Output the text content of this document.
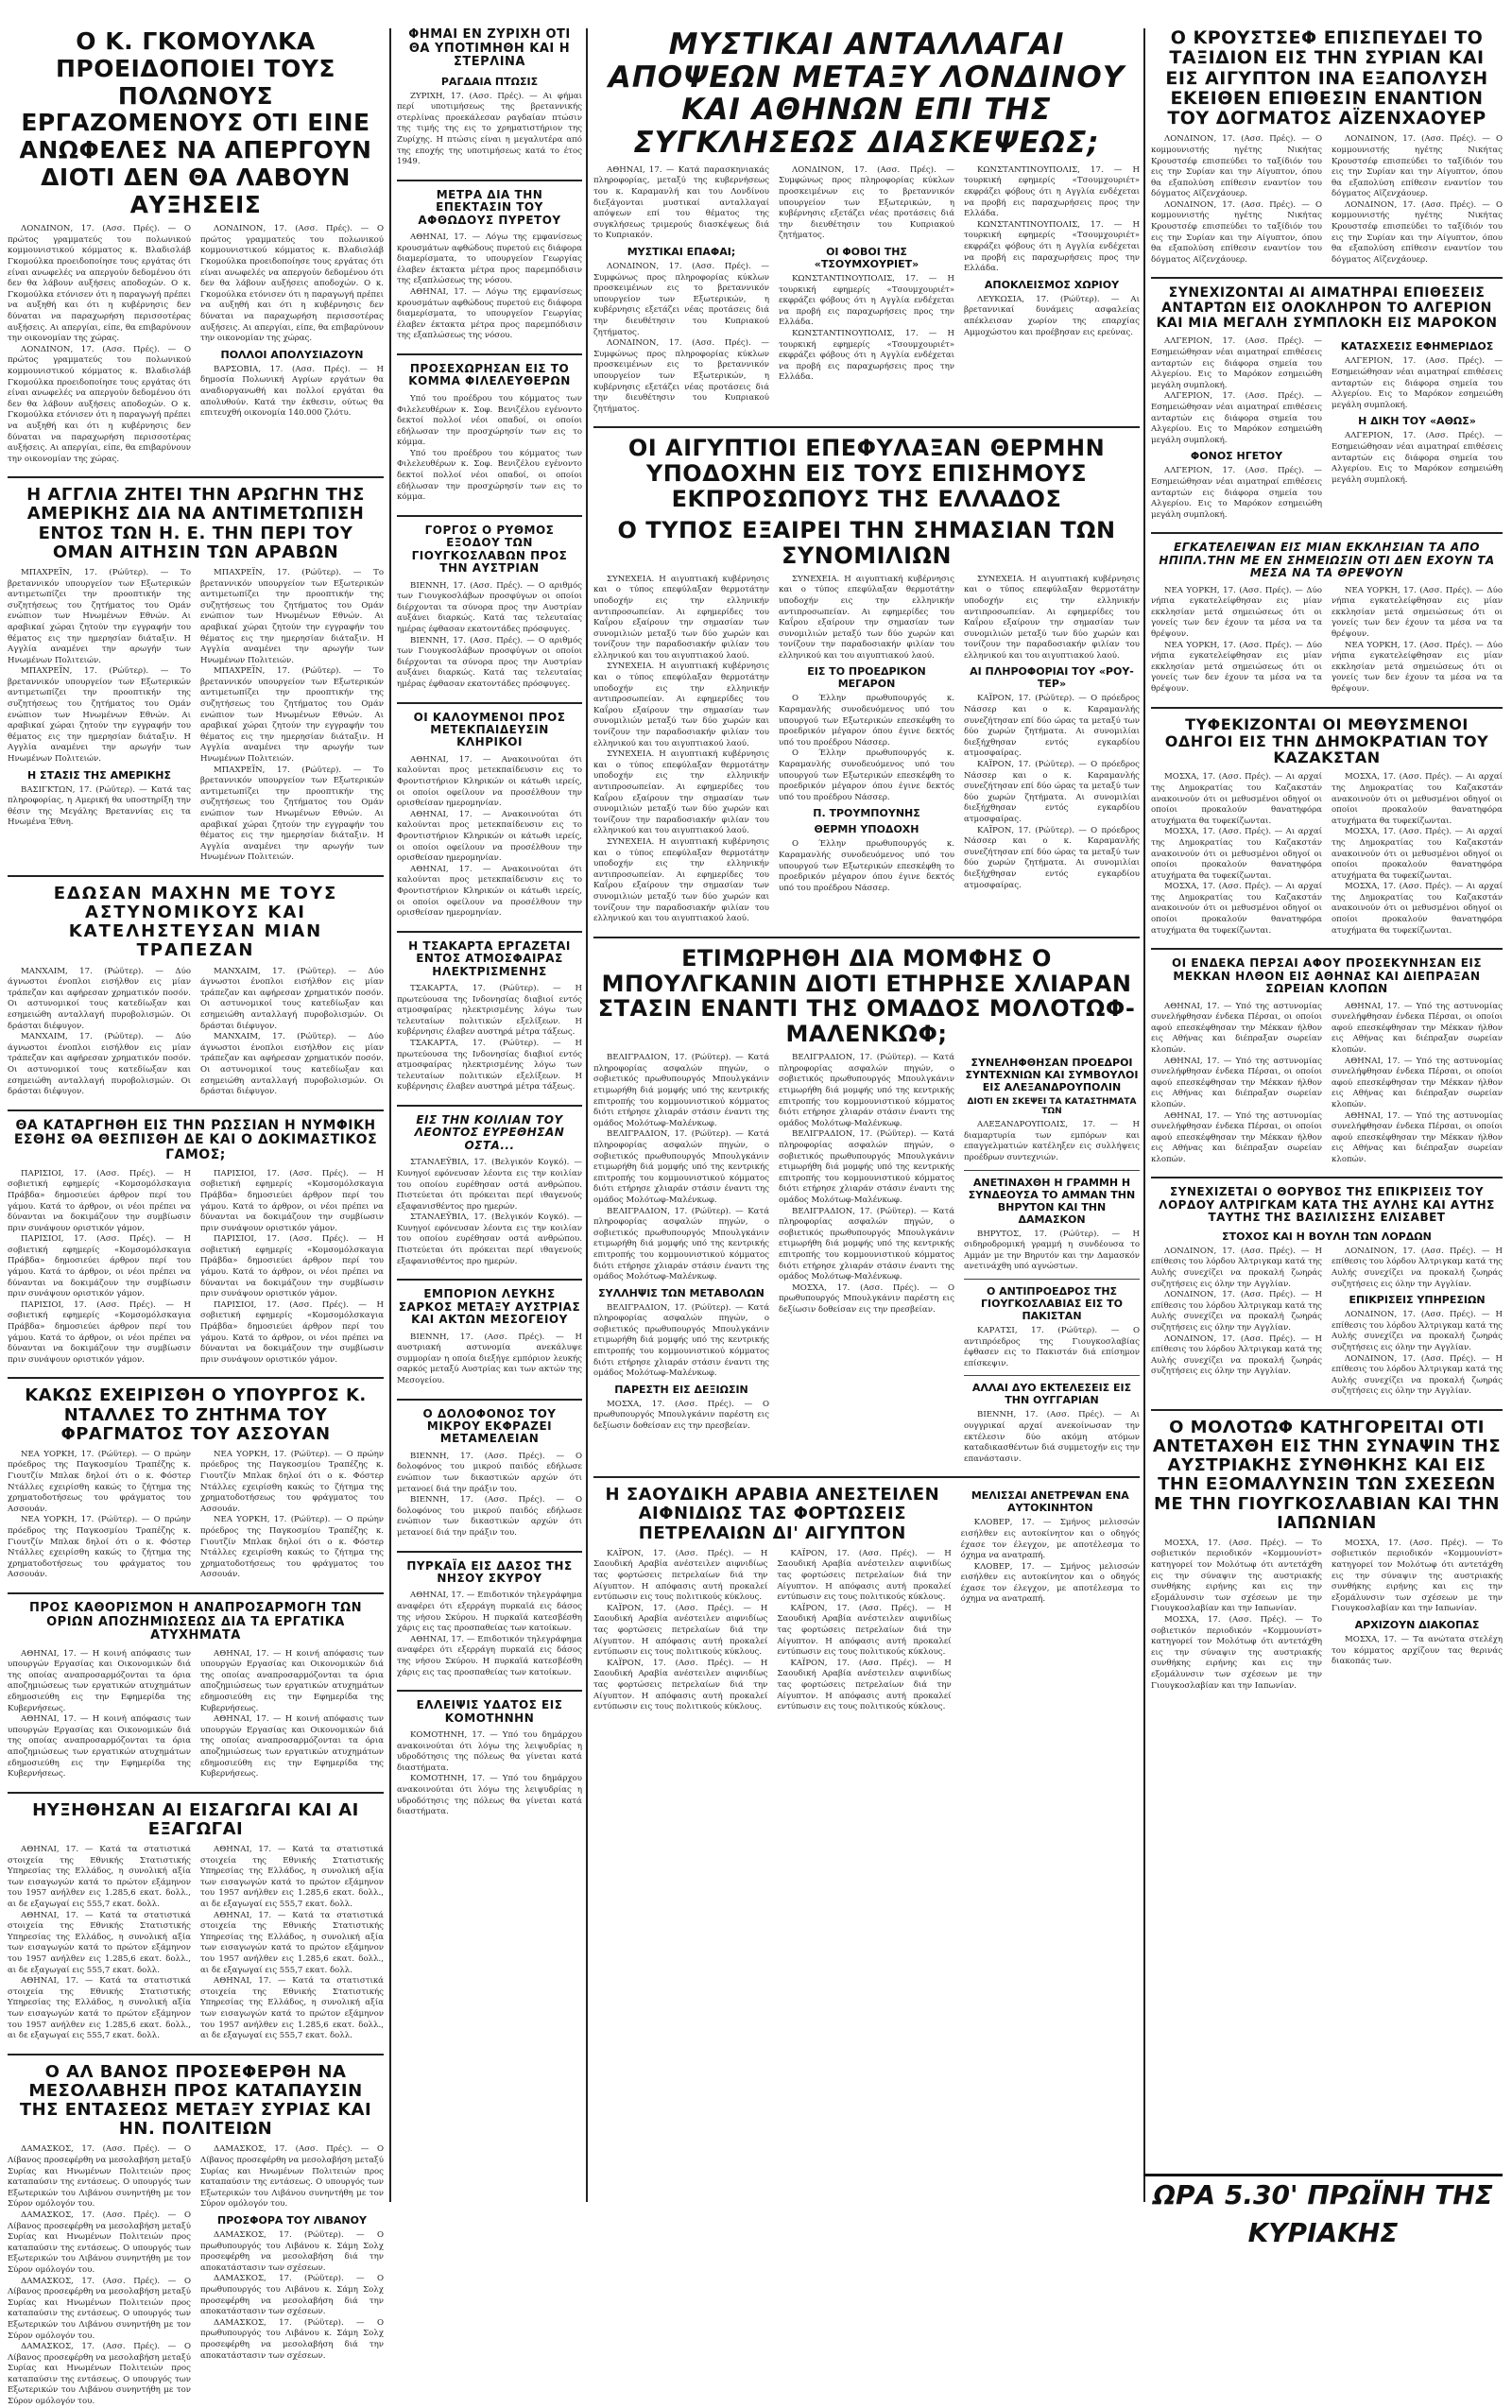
Ο Κ. ΓΚΟΜΟΥΛΚΑ ΠΡΟΕΙΔΟΠΟΙΕΙ ΤΟΥΣ ΠΟΛΩΝΟΥΣ ΕΡΓΑΖΟΜΕΝΟΥΣ ΟΤΙ ΕΙΝΕ ΑΝΩΦΕΛΕΣ ΝΑ ΑΠΕΡΓΟΥΝ ΔΙΟΤΙ ΔΕΝ ΘΑ ΛΑΒΟΥΝ ΑΥΞΗΣΕΙΣ

ΛΟΝΔΙΝΟΝ, 17. (Ασσ. Πρές). — Ο πρώτος γραμματεύς του πολωνικού κομμουνιστικού κόμματος κ. Βλαδισλάβ Γκομούλκα προειδοποίησε τους εργάτας ότι είναι ανωφελές να απεργούν δεδομένου ότι δεν θα λάβουν αυξήσεις αποδοχών. Ο κ. Γκομούλκα ετόνισεν ότι η παραγωγή πρέπει να αυξηθή και ότι η κυβέρνησις δεν δύναται να παραχωρήση περισσοτέρας αυξήσεις. Αι απεργίαι, είπε, θα επιβαρύνουν την οικονομίαν της χώρας.

ΛΟΝΔΙΝΟΝ, 17. (Ασσ. Πρές). — Ο πρώτος γραμματεύς του πολωνικού κομμουνιστικού κόμματος κ. Βλαδισλάβ Γκομούλκα προειδοποίησε τους εργάτας ότι είναι ανωφελές να απεργούν δεδομένου ότι δεν θα λάβουν αυξήσεις αποδοχών. Ο κ. Γκομούλκα ετόνισεν ότι η παραγωγή πρέπει να αυξηθή και ότι η κυβέρνησις δεν δύναται να παραχωρήση περισσοτέρας αυξήσεις. Αι απεργίαι, είπε, θα επιβαρύνουν την οικονομίαν της χώρας.

ΛΟΝΔΙΝΟΝ, 17. (Ασσ. Πρές). — Ο πρώτος γραμματεύς του πολωνικού κομμουνιστικού κόμματος κ. Βλαδισλάβ Γκομούλκα προειδοποίησε τους εργάτας ότι είναι ανωφελές να απεργούν δεδομένου ότι δεν θα λάβουν αυξήσεις αποδοχών. Ο κ. Γκομούλκα ετόνισεν ότι η παραγωγή πρέπει να αυξηθή και ότι η κυβέρνησις δεν δύναται να παραχωρήση περισσοτέρας αυξήσεις. Αι απεργίαι, είπε, θα επιβαρύνουν την οικονομίαν της χώρας.

ΠΟΛΛΟΙ ΑΠΟΛΥΣΙΑΖΟΥΝ

ΒΑΡΣΟΒΙΑ, 17. (Ασσ. Πρές). — Η δημοσία Πολωνική Αγρίων εργάτων θα αναδιοργανωθή και πολλοί εργάται θα απολυθούν. Κατά την έκθεσιν, ούτως θα επιτευχθή οικονομία 140.000 ζλότυ.

Η ΑΓΓΛΙΑ ΖΗΤΕΙ ΤΗΝ ΑΡΩΓΗΝ ΤΗΣ ΑΜΕΡΙΚΗΣ ΔΙΑ ΝΑ ΑΝΤΙΜΕΤΩΠΙΣΗ ΕΝΤΟΣ ΤΩΝ Η. Ε. ΤΗΝ ΠΕΡΙ ΤΟΥ ΟΜΑΝ ΑΙΤΗΣΙΝ ΤΩΝ ΑΡΑΒΩΝ

ΜΠΑΧΡΕΪΝ, 17. (Ρώϋτερ). — Το βρεταννικόν υπουργείον των Εξωτερικών αντιμετωπίζει την προοπτικήν της συζητήσεως του ζητήματος του Ομάν ενώπιον των Ηνωμένων Εθνών. Αι αραβικαί χώραι ζητούν την εγγραφήν του θέματος εις την ημερησίαν διάταξιν. Η Αγγλία αναμένει την αρωγήν των Ηνωμένων Πολιτειών.

ΜΠΑΧΡΕΪΝ, 17. (Ρώϋτερ). — Το βρεταννικόν υπουργείον των Εξωτερικών αντιμετωπίζει την προοπτικήν της συζητήσεως του ζητήματος του Ομάν ενώπιον των Ηνωμένων Εθνών. Αι αραβικαί χώραι ζητούν την εγγραφήν του θέματος εις την ημερησίαν διάταξιν. Η Αγγλία αναμένει την αρωγήν των Ηνωμένων Πολιτειών.

Η ΣΤΑΣΙΣ ΤΗΣ ΑΜΕΡΙΚΗΣ

ΒΑΣΙΓΚΤΩΝ, 17. (Ρώϋτερ). — Κατά τας πληροφορίας, η Αμερική θα υποστηρίξη την θέσιν της Μεγάλης Βρεταννίας εις τα Ηνωμένα Έθνη.

ΜΠΑΧΡΕΪΝ, 17. (Ρώϋτερ). — Το βρεταννικόν υπουργείον των Εξωτερικών αντιμετωπίζει την προοπτικήν της συζητήσεως του ζητήματος του Ομάν ενώπιον των Ηνωμένων Εθνών. Αι αραβικαί χώραι ζητούν την εγγραφήν του θέματος εις την ημερησίαν διάταξιν. Η Αγγλία αναμένει την αρωγήν των Ηνωμένων Πολιτειών.

ΜΠΑΧΡΕΪΝ, 17. (Ρώϋτερ). — Το βρεταννικόν υπουργείον των Εξωτερικών αντιμετωπίζει την προοπτικήν της συζητήσεως του ζητήματος του Ομάν ενώπιον των Ηνωμένων Εθνών. Αι αραβικαί χώραι ζητούν την εγγραφήν του θέματος εις την ημερησίαν διάταξιν. Η Αγγλία αναμένει την αρωγήν των Ηνωμένων Πολιτειών.

ΜΠΑΧΡΕΪΝ, 17. (Ρώϋτερ). — Το βρεταννικόν υπουργείον των Εξωτερικών αντιμετωπίζει την προοπτικήν της συζητήσεως του ζητήματος του Ομάν ενώπιον των Ηνωμένων Εθνών. Αι αραβικαί χώραι ζητούν την εγγραφήν του θέματος εις την ημερησίαν διάταξιν. Η Αγγλία αναμένει την αρωγήν των Ηνωμένων Πολιτειών.

ΕΔΩΣΑΝ ΜΑΧΗΝ ΜΕ ΤΟΥΣ ΑΣΤΥΝΟΜΙΚΟΥΣ ΚΑΙ ΚΑΤΕΛΗΣΤΕΥΣΑΝ ΜΙΑΝ ΤΡΑΠΕΖΑΝ

ΜΑΝΧΑΙΜ, 17. (Ρώϋτερ). — Δύο άγνωστοι ένοπλοι εισήλθον εις μίαν τράπεζαν και αφήρεσαν χρηματικόν ποσόν. Οι αστυνομικοί τους κατεδίωξαν και εσημειώθη ανταλλαγή πυροβολισμών. Οι δράσται διέφυγον.

ΜΑΝΧΑΙΜ, 17. (Ρώϋτερ). — Δύο άγνωστοι ένοπλοι εισήλθον εις μίαν τράπεζαν και αφήρεσαν χρηματικόν ποσόν. Οι αστυνομικοί τους κατεδίωξαν και εσημειώθη ανταλλαγή πυροβολισμών. Οι δράσται διέφυγον.

ΜΑΝΧΑΙΜ, 17. (Ρώϋτερ). — Δύο άγνωστοι ένοπλοι εισήλθον εις μίαν τράπεζαν και αφήρεσαν χρηματικόν ποσόν. Οι αστυνομικοί τους κατεδίωξαν και εσημειώθη ανταλλαγή πυροβολισμών. Οι δράσται διέφυγον.

ΜΑΝΧΑΙΜ, 17. (Ρώϋτερ). — Δύο άγνωστοι ένοπλοι εισήλθον εις μίαν τράπεζαν και αφήρεσαν χρηματικόν ποσόν. Οι αστυνομικοί τους κατεδίωξαν και εσημειώθη ανταλλαγή πυροβολισμών. Οι δράσται διέφυγον.

ΘΑ ΚΑΤΑΡΓΗΘΗ ΕΙΣ ΤΗΝ ΡΩΣΣΙΑΝ Η ΝΥΜΦΙΚΗ ΕΣΘΗΣ ΘΑ ΘΕΣΠΙΣΘΗ ΔΕ ΚΑΙ Ο ΔΟΚΙΜΑΣΤΙΚΟΣ ΓΑΜΟΣ;

ΠΑΡΙΣΙΟΙ, 17. (Ασσ. Πρές). — Η σοβιετική εφημερίς «Κομσομόλσκαγια Πράβδα» δημοσιεύει άρθρον περί του γάμου. Κατά το άρθρον, οι νέοι πρέπει να δύνανται να δοκιμάζουν την συμβίωσιν πριν συνάψουν οριστικόν γάμον.

ΠΑΡΙΣΙΟΙ, 17. (Ασσ. Πρές). — Η σοβιετική εφημερίς «Κομσομόλσκαγια Πράβδα» δημοσιεύει άρθρον περί του γάμου. Κατά το άρθρον, οι νέοι πρέπει να δύνανται να δοκιμάζουν την συμβίωσιν πριν συνάψουν οριστικόν γάμον.

ΠΑΡΙΣΙΟΙ, 17. (Ασσ. Πρές). — Η σοβιετική εφημερίς «Κομσομόλσκαγια Πράβδα» δημοσιεύει άρθρον περί του γάμου. Κατά το άρθρον, οι νέοι πρέπει να δύνανται να δοκιμάζουν την συμβίωσιν πριν συνάψουν οριστικόν γάμον.

ΠΑΡΙΣΙΟΙ, 17. (Ασσ. Πρές). — Η σοβιετική εφημερίς «Κομσομόλσκαγια Πράβδα» δημοσιεύει άρθρον περί του γάμου. Κατά το άρθρον, οι νέοι πρέπει να δύνανται να δοκιμάζουν την συμβίωσιν πριν συνάψουν οριστικόν γάμον.

ΠΑΡΙΣΙΟΙ, 17. (Ασσ. Πρές). — Η σοβιετική εφημερίς «Κομσομόλσκαγια Πράβδα» δημοσιεύει άρθρον περί του γάμου. Κατά το άρθρον, οι νέοι πρέπει να δύνανται να δοκιμάζουν την συμβίωσιν πριν συνάψουν οριστικόν γάμον.

ΠΑΡΙΣΙΟΙ, 17. (Ασσ. Πρές). — Η σοβιετική εφημερίς «Κομσομόλσκαγια Πράβδα» δημοσιεύει άρθρον περί του γάμου. Κατά το άρθρον, οι νέοι πρέπει να δύνανται να δοκιμάζουν την συμβίωσιν πριν συνάψουν οριστικόν γάμον.

ΚΑΚΩΣ ΕΧΕΙΡΙΣΘΗ Ο ΥΠΟΥΡΓΟΣ Κ. ΝΤΑΛΛΕΣ ΤΟ ΖΗΤΗΜΑ ΤΟΥ ΦΡΑΓΜΑΤΟΣ ΤΟΥ ΑΣΣΟΥΑΝ

ΝΕΑ ΥΟΡΚΗ, 17. (Ρώϋτερ). — Ο πρώην πρόεδρος της Παγκοσμίου Τραπέζης κ. Γιουτζίν Μπλακ δηλοί ότι ο κ. Φόστερ Ντάλλες εχειρίσθη κακώς το ζήτημα της χρηματοδοτήσεως του φράγματος του Ασσουάν.

ΝΕΑ ΥΟΡΚΗ, 17. (Ρώϋτερ). — Ο πρώην πρόεδρος της Παγκοσμίου Τραπέζης κ. Γιουτζίν Μπλακ δηλοί ότι ο κ. Φόστερ Ντάλλες εχειρίσθη κακώς το ζήτημα της χρηματοδοτήσεως του φράγματος του Ασσουάν.

ΝΕΑ ΥΟΡΚΗ, 17. (Ρώϋτερ). — Ο πρώην πρόεδρος της Παγκοσμίου Τραπέζης κ. Γιουτζίν Μπλακ δηλοί ότι ο κ. Φόστερ Ντάλλες εχειρίσθη κακώς το ζήτημα της χρηματοδοτήσεως του φράγματος του Ασσουάν.

ΝΕΑ ΥΟΡΚΗ, 17. (Ρώϋτερ). — Ο πρώην πρόεδρος της Παγκοσμίου Τραπέζης κ. Γιουτζίν Μπλακ δηλοί ότι ο κ. Φόστερ Ντάλλες εχειρίσθη κακώς το ζήτημα της χρηματοδοτήσεως του φράγματος του Ασσουάν.

ΠΡΟΣ ΚΑΘΟΡΙΣΜΟΝ Η ΑΝΑΠΡΟΣΑΡΜΟΓΗ ΤΩΝ ΟΡΙΩΝ ΑΠΟΖΗΜΙΩΣΕΩΣ ΔΙΑ ΤΑ ΕΡΓΑΤΙΚΑ ΑΤΥΧΗΜΑΤΑ

ΑΘΗΝΑΙ, 17. — Η κοινή απόφασις των υπουργών Εργασίας και Οικονομικών διά της οποίας αναπροσαρμόζονται τα όρια αποζημιώσεως των εργατικών ατυχημάτων εδημοσιεύθη εις την Εφημερίδα της Κυβερνήσεως.

ΑΘΗΝΑΙ, 17. — Η κοινή απόφασις των υπουργών Εργασίας και Οικονομικών διά της οποίας αναπροσαρμόζονται τα όρια αποζημιώσεως των εργατικών ατυχημάτων εδημοσιεύθη εις την Εφημερίδα της Κυβερνήσεως.

ΑΘΗΝΑΙ, 17. — Η κοινή απόφασις των υπουργών Εργασίας και Οικονομικών διά της οποίας αναπροσαρμόζονται τα όρια αποζημιώσεως των εργατικών ατυχημάτων εδημοσιεύθη εις την Εφημερίδα της Κυβερνήσεως.

ΑΘΗΝΑΙ, 17. — Η κοινή απόφασις των υπουργών Εργασίας και Οικονομικών διά της οποίας αναπροσαρμόζονται τα όρια αποζημιώσεως των εργατικών ατυχημάτων εδημοσιεύθη εις την Εφημερίδα της Κυβερνήσεως.

ΗΥΞΗΘΗΣΑΝ ΑΙ ΕΙΣΑΓΩΓΑΙ ΚΑΙ ΑΙ ΕΞΑΓΩΓΑΙ

ΑΘΗΝΑΙ, 17. — Κατά τα στατιστικά στοιχεία της Εθνικής Στατιστικής Υπηρεσίας της Ελλάδος, η συνολική αξία των εισαγωγών κατά το πρώτον εξάμηνον του 1957 ανήλθεν εις 1.285,6 εκατ. δολλ., αι δε εξαγωγαί εις 555,7 εκατ. δολλ.

ΑΘΗΝΑΙ, 17. — Κατά τα στατιστικά στοιχεία της Εθνικής Στατιστικής Υπηρεσίας της Ελλάδος, η συνολική αξία των εισαγωγών κατά το πρώτον εξάμηνον του 1957 ανήλθεν εις 1.285,6 εκατ. δολλ., αι δε εξαγωγαί εις 555,7 εκατ. δολλ.

ΑΘΗΝΑΙ, 17. — Κατά τα στατιστικά στοιχεία της Εθνικής Στατιστικής Υπηρεσίας της Ελλάδος, η συνολική αξία των εισαγωγών κατά το πρώτον εξάμηνον του 1957 ανήλθεν εις 1.285,6 εκατ. δολλ., αι δε εξαγωγαί εις 555,7 εκατ. δολλ.

ΑΘΗΝΑΙ, 17. — Κατά τα στατιστικά στοιχεία της Εθνικής Στατιστικής Υπηρεσίας της Ελλάδος, η συνολική αξία των εισαγωγών κατά το πρώτον εξάμηνον του 1957 ανήλθεν εις 1.285,6 εκατ. δολλ., αι δε εξαγωγαί εις 555,7 εκατ. δολλ.

ΑΘΗΝΑΙ, 17. — Κατά τα στατιστικά στοιχεία της Εθνικής Στατιστικής Υπηρεσίας της Ελλάδος, η συνολική αξία των εισαγωγών κατά το πρώτον εξάμηνον του 1957 ανήλθεν εις 1.285,6 εκατ. δολλ., αι δε εξαγωγαί εις 555,7 εκατ. δολλ.

ΑΘΗΝΑΙ, 17. — Κατά τα στατιστικά στοιχεία της Εθνικής Στατιστικής Υπηρεσίας της Ελλάδος, η συνολική αξία των εισαγωγών κατά το πρώτον εξάμηνον του 1957 ανήλθεν εις 1.285,6 εκατ. δολλ., αι δε εξαγωγαί εις 555,7 εκατ. δολλ.

Ο ΑΛ ΒΑΝΟΣ ΠΡΟΣΕΦΕΡΘΗ ΝΑ ΜΕΣΟΛΑΒΗΣΗ ΠΡΟΣ ΚΑΤΑΠΑΥΣΙΝ ΤΗΣ ΕΝΤΑΣΕΩΣ ΜΕΤΑΞΥ ΣΥΡΙΑΣ ΚΑΙ ΗΝ. ΠΟΛΙΤΕΙΩΝ

ΔΑΜΑΣΚΟΣ, 17. (Ασσ. Πρές). — Ο Λίβανος προσεφέρθη να μεσολαβήση μεταξύ Συρίας και Ηνωμένων Πολιτειών προς καταπαύσιν της εντάσεως. Ο υπουργός των Εξωτερικών του Λιβάνου συνηντήθη με τον Σύρον ομόλογόν του.

ΔΑΜΑΣΚΟΣ, 17. (Ασσ. Πρές). — Ο Λίβανος προσεφέρθη να μεσολαβήση μεταξύ Συρίας και Ηνωμένων Πολιτειών προς καταπαύσιν της εντάσεως. Ο υπουργός των Εξωτερικών του Λιβάνου συνηντήθη με τον Σύρον ομόλογόν του.

ΔΑΜΑΣΚΟΣ, 17. (Ασσ. Πρές). — Ο Λίβανος προσεφέρθη να μεσολαβήση μεταξύ Συρίας και Ηνωμένων Πολιτειών προς καταπαύσιν της εντάσεως. Ο υπουργός των Εξωτερικών του Λιβάνου συνηντήθη με τον Σύρον ομόλογόν του.

ΔΑΜΑΣΚΟΣ, 17. (Ασσ. Πρές). — Ο Λίβανος προσεφέρθη να μεσολαβήση μεταξύ Συρίας και Ηνωμένων Πολιτειών προς καταπαύσιν της εντάσεως. Ο υπουργός των Εξωτερικών του Λιβάνου συνηντήθη με τον Σύρον ομόλογόν του.

ΔΑΜΑΣΚΟΣ, 17. (Ασσ. Πρές). — Ο Λίβανος προσεφέρθη να μεσολαβήση μεταξύ Συρίας και Ηνωμένων Πολιτειών προς καταπαύσιν της εντάσεως. Ο υπουργός των Εξωτερικών του Λιβάνου συνηντήθη με τον Σύρον ομόλογόν του.

ΠΡΟΣΦΟΡΑ ΤΟΥ ΛΙΒΑΝΟΥ

ΔΑΜΑΣΚΟΣ, 17. (Ρώϋτερ). — Ο πρωθυπουργός του Λιβάνου κ. Σάμη Σολχ προσεφέρθη να μεσολαβήση διά την αποκατάστασιν των σχέσεων.

ΔΑΜΑΣΚΟΣ, 17. (Ρώϋτερ). — Ο πρωθυπουργός του Λιβάνου κ. Σάμη Σολχ προσεφέρθη να μεσολαβήση διά την αποκατάστασιν των σχέσεων.

ΔΑΜΑΣΚΟΣ, 17. (Ρώϋτερ). — Ο πρωθυπουργός του Λιβάνου κ. Σάμη Σολχ προσεφέρθη να μεσολαβήση διά την αποκατάστασιν των σχέσεων.

ΦΗΜΑΙ ΕΝ ΖΥΡΙΧΗ ΟΤΙ ΘΑ ΥΠΟΤΙΜΗΘΗ ΚΑΙ Η ΣΤΕΡΛΙΝΑ
ΡΑΓΔΑΙΑ ΠΤΩΣΙΣ

ΖΥΡΙΧΗ, 17. (Ασσ. Πρές). — Αι φήμαι περί υποτιμήσεως της βρεταννικής στερλίνας προεκάλεσαν ραγδαίαν πτώσιν της τιμής της εις το χρηματιστήριον της Ζυρίχης. Η πτώσις είναι η μεγαλυτέρα από της εποχής της υποτιμήσεως κατά το έτος 1949.

ΜΕΤΡΑ ΔΙΑ ΤΗΝ ΕΠΕΚΤΑΣΙΝ ΤΟΥ ΑΦΘΩΔΟΥΣ ΠΥΡΕΤΟΥ

ΑΘΗΝΑΙ, 17. — Λόγω της εμφανίσεως κρουσμάτων αφθώδους πυρετού εις διάφορα διαμερίσματα, το υπουργείον Γεωργίας έλαβεν έκτακτα μέτρα προς παρεμπόδισιν της εξαπλώσεως της νόσου.

ΑΘΗΝΑΙ, 17. — Λόγω της εμφανίσεως κρουσμάτων αφθώδους πυρετού εις διάφορα διαμερίσματα, το υπουργείον Γεωργίας έλαβεν έκτακτα μέτρα προς παρεμπόδισιν της εξαπλώσεως της νόσου.

ΠΡΟΣΕΧΩΡΗΣΑΝ ΕΙΣ ΤΟ ΚΟΜΜΑ ΦΙΛΕΛΕΥΘΕΡΩΝ

Υπό του προέδρου του κόμματος των Φιλελευθέρων κ. Σοφ. Βενιζέλου εγένοντο δεκτοί πολλοί νέοι οπαδοί, οι οποίοι εδήλωσαν την προσχώρησίν των εις το κόμμα.

Υπό του προέδρου του κόμματος των Φιλελευθέρων κ. Σοφ. Βενιζέλου εγένοντο δεκτοί πολλοί νέοι οπαδοί, οι οποίοι εδήλωσαν την προσχώρησίν των εις το κόμμα.

ΓΟΡΓΟΣ Ο ΡΥΘΜΟΣ ΕΞΟΔΟΥ ΤΩΝ ΓΙΟΥΓΚΟΣΛΑΒΩΝ ΠΡΟΣ ΤΗΝ ΑΥΣΤΡΙΑΝ

ΒΙΕΝΝΗ, 17. (Ασσ. Πρές). — Ο αριθμός των Γιουγκοσλάβων προσφύγων οι οποίοι διέρχονται τα σύνορα προς την Αυστρίαν αυξάνει διαρκώς. Κατά τας τελευταίας ημέρας έφθασαν εκατοντάδες πρόσφυγες.

ΒΙΕΝΝΗ, 17. (Ασσ. Πρές). — Ο αριθμός των Γιουγκοσλάβων προσφύγων οι οποίοι διέρχονται τα σύνορα προς την Αυστρίαν αυξάνει διαρκώς. Κατά τας τελευταίας ημέρας έφθασαν εκατοντάδες πρόσφυγες.

ΟΙ ΚΑΛΟΥΜΕΝΟΙ ΠΡΟΣ ΜΕΤΕΚΠΑΙΔΕΥΣΙΝ ΚΛΗΡΙΚΟΙ

ΑΘΗΝΑΙ, 17. — Ανακοινούται ότι καλούνται προς μετεκπαίδευσιν εις το Φροντιστήριον Κληρικών οι κάτωθι ιερείς, οι οποίοι οφείλουν να προσέλθουν την ορισθείσαν ημερομηνίαν.

ΑΘΗΝΑΙ, 17. — Ανακοινούται ότι καλούνται προς μετεκπαίδευσιν εις το Φροντιστήριον Κληρικών οι κάτωθι ιερείς, οι οποίοι οφείλουν να προσέλθουν την ορισθείσαν ημερομηνίαν.

ΑΘΗΝΑΙ, 17. — Ανακοινούται ότι καλούνται προς μετεκπαίδευσιν εις το Φροντιστήριον Κληρικών οι κάτωθι ιερείς, οι οποίοι οφείλουν να προσέλθουν την ορισθείσαν ημερομηνίαν.

Η ΤΣΑΚΑΡΤΑ ΕΡΓΑΖΕΤΑΙ ΕΝΤΟΣ ΑΤΜΟΣΦΑΙΡΑΣ ΗΛΕΚΤΡΙΣΜΕΝΗΣ

ΤΣΑΚΑΡΤΑ, 17. (Ρώϋτερ). — Η πρωτεύουσα της Ινδονησίας διαβιοί εντός ατμοσφαίρας ηλεκτρισμένης λόγω των τελευταίων πολιτικών εξελίξεων. Η κυβέρνησις έλαβεν αυστηρά μέτρα τάξεως.

ΤΣΑΚΑΡΤΑ, 17. (Ρώϋτερ). — Η πρωτεύουσα της Ινδονησίας διαβιοί εντός ατμοσφαίρας ηλεκτρισμένης λόγω των τελευταίων πολιτικών εξελίξεων. Η κυβέρνησις έλαβεν αυστηρά μέτρα τάξεως.

ΕΙΣ ΤΗΝ ΚΟΙΛΙΑΝ ΤΟΥ ΛΕΟΝΤΟΣ ΕΥΡΕΘΗΣΑΝ ΟΣΤΑ...

ΣΤΑΝΛΕΫΒΙΛ, 17. (Βελγικόν Κογκό). — Κυνηγοί εφόνευσαν λέοντα εις την κοιλίαν του οποίου ευρέθησαν οστά ανθρώπου. Πιστεύεται ότι πρόκειται περί ιθαγενούς εξαφανισθέντος προ ημερών.

ΣΤΑΝΛΕΫΒΙΛ, 17. (Βελγικόν Κογκό). — Κυνηγοί εφόνευσαν λέοντα εις την κοιλίαν του οποίου ευρέθησαν οστά ανθρώπου. Πιστεύεται ότι πρόκειται περί ιθαγενούς εξαφανισθέντος προ ημερών.

ΕΜΠΟΡΙΟΝ ΛΕΥΚΗΣ ΣΑΡΚΟΣ ΜΕΤΑΞΥ ΑΥΣΤΡΙΑΣ ΚΑΙ ΑΚΤΩΝ ΜΕΣΟΓΕΙΟΥ

ΒΙΕΝΝΗ, 17. (Ασσ. Πρές). — Η αυστριακή αστυνομία ανεκάλυψε συμμορίαν η οποία διεξήγε εμπόριον λευκής σαρκός μεταξύ Αυστρίας και των ακτών της Μεσογείου.

Ο ΔΟΛΟΦΟΝΟΣ ΤΟΥ ΜΙΚΡΟΥ ΕΚΦΡΑΖΕΙ ΜΕΤΑΜΕΛΕΙΑΝ

ΒΙΕΝΝΗ, 17. (Ασσ. Πρές). — Ο δολοφόνος του μικρού παιδός εδήλωσε ενώπιον των δικαστικών αρχών ότι μετανοεί διά την πράξιν του.

ΒΙΕΝΝΗ, 17. (Ασσ. Πρές). — Ο δολοφόνος του μικρού παιδός εδήλωσε ενώπιον των δικαστικών αρχών ότι μετανοεί διά την πράξιν του.

ΠΥΡΚΑΪΑ ΕΙΣ ΔΑΣΟΣ ΤΗΣ ΝΗΣΟΥ ΣΚΥΡΟΥ

ΑΘΗΝΑΙ, 17. — Επιδοτικόν τηλεγράφημα αναφέρει ότι εξερράγη πυρκαϊά εις δάσος της νήσου Σκύρου. Η πυρκαϊά κατεσβέσθη χάρις εις τας προσπαθείας των κατοίκων.

ΑΘΗΝΑΙ, 17. — Επιδοτικόν τηλεγράφημα αναφέρει ότι εξερράγη πυρκαϊά εις δάσος της νήσου Σκύρου. Η πυρκαϊά κατεσβέσθη χάρις εις τας προσπαθείας των κατοίκων.

ΕΛΛΕΙΨΙΣ ΥΔΑΤΟΣ ΕΙΣ ΚΟΜΟΤΗΝΗΝ

ΚΟΜΟΤΗΝΗ, 17. — Υπό του δημάρχου ανακοινούται ότι λόγω της λειψυδρίας η υδροδότησις της πόλεως θα γίνεται κατά διαστήματα.

ΚΟΜΟΤΗΝΗ, 17. — Υπό του δημάρχου ανακοινούται ότι λόγω της λειψυδρίας η υδροδότησις της πόλεως θα γίνεται κατά διαστήματα.

ΜΥΣΤΙΚΑΙ ΑΝΤΑΛΛΑΓΑΙ ΑΠΟΨΕΩΝ ΜΕΤΑΞΥ ΛΟΝΔΙΝΟΥ ΚΑΙ ΑΘΗΝΩΝ ΕΠΙ ΤΗΣ ΣΥΓΚΛΗΣΕΩΣ ΔΙΑΣΚΕΨΕΩΣ;

ΑΘΗΝΑΙ, 17. — Κατά παρασκηνιακάς πληροφορίας, μεταξύ της κυβερνήσεως του κ. Καραμανλή και του Λονδίνου διεξάγονται μυστικαί ανταλλαγαί απόψεων επί του θέματος της συγκλήσεως τριμερούς διασκέψεως διά το Κυπριακόν.

ΜΥΣΤΙΚΑΙ ΕΠΑΦΑΙ;

ΛΟΝΔΙΝΟΝ, 17. (Ασσ. Πρές). — Συμφώνως προς πληροφορίας κύκλων προσκειμένων εις το βρεταννικόν υπουργείον των Εξωτερικών, η κυβέρνησις εξετάζει νέας προτάσεις διά την διευθέτησιν του Κυπριακού ζητήματος.

ΛΟΝΔΙΝΟΝ, 17. (Ασσ. Πρές). — Συμφώνως προς πληροφορίας κύκλων προσκειμένων εις το βρεταννικόν υπουργείον των Εξωτερικών, η κυβέρνησις εξετάζει νέας προτάσεις διά την διευθέτησιν του Κυπριακού ζητήματος.

ΛΟΝΔΙΝΟΝ, 17. (Ασσ. Πρές). — Συμφώνως προς πληροφορίας κύκλων προσκειμένων εις το βρεταννικόν υπουργείον των Εξωτερικών, η κυβέρνησις εξετάζει νέας προτάσεις διά την διευθέτησιν του Κυπριακού ζητήματος.

ΟΙ ΦΟΒΟΙ ΤΗΣ «ΤΣΟΥΜΧΟΥΡΙΕΤ»

ΚΩΝΣΤΑΝΤΙΝΟΥΠΟΛΙΣ, 17. — Η τουρκική εφημερίς «Τσουμχουριέτ» εκφράζει φόβους ότι η Αγγλία ενδέχεται να προβή εις παραχωρήσεις προς την Ελλάδα.

ΚΩΝΣΤΑΝΤΙΝΟΥΠΟΛΙΣ, 17. — Η τουρκική εφημερίς «Τσουμχουριέτ» εκφράζει φόβους ότι η Αγγλία ενδέχεται να προβή εις παραχωρήσεις προς την Ελλάδα.

ΚΩΝΣΤΑΝΤΙΝΟΥΠΟΛΙΣ, 17. — Η τουρκική εφημερίς «Τσουμχουριέτ» εκφράζει φόβους ότι η Αγγλία ενδέχεται να προβή εις παραχωρήσεις προς την Ελλάδα.

ΚΩΝΣΤΑΝΤΙΝΟΥΠΟΛΙΣ, 17. — Η τουρκική εφημερίς «Τσουμχουριέτ» εκφράζει φόβους ότι η Αγγλία ενδέχεται να προβή εις παραχωρήσεις προς την Ελλάδα.

ΑΠΟΚΛΕΙΣΜΟΣ ΧΩΡΙΟΥ

ΛΕΥΚΩΣΙΑ, 17. (Ρώϋτερ). — Αι βρεταννικαί δυνάμεις ασφαλείας απέκλεισαν χωρίον της επαρχίας Αμμοχώστου και προέβησαν εις ερεύνας.

ΟΙ ΑΙΓΥΠΤΙΟΙ ΕΠΕΦΥΛΑΞΑΝ ΘΕΡΜΗΝ ΥΠΟΔΟΧΗΝ ΕΙΣ ΤΟΥΣ ΕΠΙΣΗΜΟΥΣ ΕΚΠΡΟΣΩΠΟΥΣ ΤΗΣ ΕΛΛΑΔΟΣ
Ο ΤΥΠΟΣ ΕΞΑΙΡΕΙ ΤΗΝ ΣΗΜΑΣΙΑΝ ΤΩΝ ΣΥΝΟΜΙΛΙΩΝ

ΣΥΝΕΧΕΙΑ. Η αιγυπτιακή κυβέρνησις και ο τύπος επεφύλαξαν θερμοτάτην υποδοχήν εις την ελληνικήν αντιπροσωπείαν. Αι εφημερίδες του Καΐρου εξαίρουν την σημασίαν των συνομιλιών μεταξύ των δύο χωρών και τονίζουν την παραδοσιακήν φιλίαν του ελληνικού και του αιγυπτιακού λαού.

ΣΥΝΕΧΕΙΑ. Η αιγυπτιακή κυβέρνησις και ο τύπος επεφύλαξαν θερμοτάτην υποδοχήν εις την ελληνικήν αντιπροσωπείαν. Αι εφημερίδες του Καΐρου εξαίρουν την σημασίαν των συνομιλιών μεταξύ των δύο χωρών και τονίζουν την παραδοσιακήν φιλίαν του ελληνικού και του αιγυπτιακού λαού.

ΣΥΝΕΧΕΙΑ. Η αιγυπτιακή κυβέρνησις και ο τύπος επεφύλαξαν θερμοτάτην υποδοχήν εις την ελληνικήν αντιπροσωπείαν. Αι εφημερίδες του Καΐρου εξαίρουν την σημασίαν των συνομιλιών μεταξύ των δύο χωρών και τονίζουν την παραδοσιακήν φιλίαν του ελληνικού και του αιγυπτιακού λαού.

ΣΥΝΕΧΕΙΑ. Η αιγυπτιακή κυβέρνησις και ο τύπος επεφύλαξαν θερμοτάτην υποδοχήν εις την ελληνικήν αντιπροσωπείαν. Αι εφημερίδες του Καΐρου εξαίρουν την σημασίαν των συνομιλιών μεταξύ των δύο χωρών και τονίζουν την παραδοσιακήν φιλίαν του ελληνικού και του αιγυπτιακού λαού.

ΣΥΝΕΧΕΙΑ. Η αιγυπτιακή κυβέρνησις και ο τύπος επεφύλαξαν θερμοτάτην υποδοχήν εις την ελληνικήν αντιπροσωπείαν. Αι εφημερίδες του Καΐρου εξαίρουν την σημασίαν των συνομιλιών μεταξύ των δύο χωρών και τονίζουν την παραδοσιακήν φιλίαν του ελληνικού και του αιγυπτιακού λαού.

ΕΙΣ ΤΟ ΠΡΟΕΔΡΙΚΟΝ ΜΕΓΑΡΟΝ

Ο Έλλην πρωθυπουργός κ. Καραμανλής συνοδευόμενος υπό του υπουργού των Εξωτερικών επεσκέφθη το προεδρικόν μέγαρον όπου έγινε δεκτός υπό του προέδρου Νάσσερ.

Ο Έλλην πρωθυπουργός κ. Καραμανλής συνοδευόμενος υπό του υπουργού των Εξωτερικών επεσκέφθη το προεδρικόν μέγαρον όπου έγινε δεκτός υπό του προέδρου Νάσσερ.

Π. ΤΡΟΥΜΠΟΥΝΗΣ
ΘΕΡΜΗ ΥΠΟΔΟΧΗ

Ο Έλλην πρωθυπουργός κ. Καραμανλής συνοδευόμενος υπό του υπουργού των Εξωτερικών επεσκέφθη το προεδρικόν μέγαρον όπου έγινε δεκτός υπό του προέδρου Νάσσερ.

ΣΥΝΕΧΕΙΑ. Η αιγυπτιακή κυβέρνησις και ο τύπος επεφύλαξαν θερμοτάτην υποδοχήν εις την ελληνικήν αντιπροσωπείαν. Αι εφημερίδες του Καΐρου εξαίρουν την σημασίαν των συνομιλιών μεταξύ των δύο χωρών και τονίζουν την παραδοσιακήν φιλίαν του ελληνικού και του αιγυπτιακού λαού.

ΑΙ ΠΛΗΡΟΦΟΡΙΑΙ ΤΟΥ «ΡΟΥ-ΤΕΡ»

ΚΑΪΡΟΝ, 17. (Ρώϋτερ). — Ο πρόεδρος Νάσσερ και ο κ. Καραμανλής συνεζήτησαν επί δύο ώρας τα μεταξύ των δύο χωρών ζητήματα. Αι συνομιλίαι διεξήχθησαν εντός εγκαρδίου ατμοσφαίρας.

ΚΑΪΡΟΝ, 17. (Ρώϋτερ). — Ο πρόεδρος Νάσσερ και ο κ. Καραμανλής συνεζήτησαν επί δύο ώρας τα μεταξύ των δύο χωρών ζητήματα. Αι συνομιλίαι διεξήχθησαν εντός εγκαρδίου ατμοσφαίρας.

ΚΑΪΡΟΝ, 17. (Ρώϋτερ). — Ο πρόεδρος Νάσσερ και ο κ. Καραμανλής συνεζήτησαν επί δύο ώρας τα μεταξύ των δύο χωρών ζητήματα. Αι συνομιλίαι διεξήχθησαν εντός εγκαρδίου ατμοσφαίρας.

ΕΤΙΜΩΡΗΘΗ ΔΙΑ ΜΟΜΦΗΣ Ο ΜΠΟΥΛΓΚΑΝΙΝ ΔΙΟΤΙ ΕΤΗΡΗΣΕ ΧΛΙΑΡΑΝ ΣΤΑΣΙΝ ΕΝΑΝΤΙ ΤΗΣ ΟΜΑΔΟΣ ΜΟΛΟΤΩΦ-ΜΑΛΕΝΚΩΦ;

ΒΕΛΙΓΡΑΔΙΟΝ, 17. (Ρώϋτερ). — Κατά πληροφορίας ασφαλών πηγών, ο σοβιετικός πρωθυπουργός Μπουλγκάνιν ετιμωρήθη διά μομφής υπό της κεντρικής επιτροπής του κομμουνιστικού κόμματος διότι ετήρησε χλιαράν στάσιν έναντι της ομάδος Μολότωφ-Μαλένκωφ.

ΒΕΛΙΓΡΑΔΙΟΝ, 17. (Ρώϋτερ). — Κατά πληροφορίας ασφαλών πηγών, ο σοβιετικός πρωθυπουργός Μπουλγκάνιν ετιμωρήθη διά μομφής υπό της κεντρικής επιτροπής του κομμουνιστικού κόμματος διότι ετήρησε χλιαράν στάσιν έναντι της ομάδος Μολότωφ-Μαλένκωφ.

ΒΕΛΙΓΡΑΔΙΟΝ, 17. (Ρώϋτερ). — Κατά πληροφορίας ασφαλών πηγών, ο σοβιετικός πρωθυπουργός Μπουλγκάνιν ετιμωρήθη διά μομφής υπό της κεντρικής επιτροπής του κομμουνιστικού κόμματος διότι ετήρησε χλιαράν στάσιν έναντι της ομάδος Μολότωφ-Μαλένκωφ.

ΣΥΛΛΗΨΙΣ ΤΩΝ ΜΕΤΑΒΟΛΩΝ

ΒΕΛΙΓΡΑΔΙΟΝ, 17. (Ρώϋτερ). — Κατά πληροφορίας ασφαλών πηγών, ο σοβιετικός πρωθυπουργός Μπουλγκάνιν ετιμωρήθη διά μομφής υπό της κεντρικής επιτροπής του κομμουνιστικού κόμματος διότι ετήρησε χλιαράν στάσιν έναντι της ομάδος Μολότωφ-Μαλένκωφ.

ΠΑΡΕΣΤΗ ΕΙΣ ΔΕΞΙΩΣΙΝ

ΜΟΣΧΑ, 17. (Ασσ. Πρές). — Ο πρωθυπουργός Μπουλγκάνιν παρέστη εις δεξίωσιν δοθείσαν εις την πρεσβείαν.

ΒΕΛΙΓΡΑΔΙΟΝ, 17. (Ρώϋτερ). — Κατά πληροφορίας ασφαλών πηγών, ο σοβιετικός πρωθυπουργός Μπουλγκάνιν ετιμωρήθη διά μομφής υπό της κεντρικής επιτροπής του κομμουνιστικού κόμματος διότι ετήρησε χλιαράν στάσιν έναντι της ομάδος Μολότωφ-Μαλένκωφ.

ΒΕΛΙΓΡΑΔΙΟΝ, 17. (Ρώϋτερ). — Κατά πληροφορίας ασφαλών πηγών, ο σοβιετικός πρωθυπουργός Μπουλγκάνιν ετιμωρήθη διά μομφής υπό της κεντρικής επιτροπής του κομμουνιστικού κόμματος διότι ετήρησε χλιαράν στάσιν έναντι της ομάδος Μολότωφ-Μαλένκωφ.

ΒΕΛΙΓΡΑΔΙΟΝ, 17. (Ρώϋτερ). — Κατά πληροφορίας ασφαλών πηγών, ο σοβιετικός πρωθυπουργός Μπουλγκάνιν ετιμωρήθη διά μομφής υπό της κεντρικής επιτροπής του κομμουνιστικού κόμματος διότι ετήρησε χλιαράν στάσιν έναντι της ομάδος Μολότωφ-Μαλένκωφ.

ΜΟΣΧΑ, 17. (Ασσ. Πρές). — Ο πρωθυπουργός Μπουλγκάνιν παρέστη εις δεξίωσιν δοθείσαν εις την πρεσβείαν.

ΣΥΝΕΛΗΦΘΗΣΑΝ ΠΡΟΕΔΡΟΙ ΣΥΝΤΕΧΝΙΩΝ ΚΑΙ ΣΥΜΒΟΥΛΟΙ ΕΙΣ ΑΛΕΞΑΝΔΡΟΥΠΟΛΙΝ
ΔΙΟΤΙ ΕΝ ΣΚΕΨΕΙ ΤΑ ΚΑΤΑΣΤΗΜΑΤΑ ΤΩΝ

ΑΛΕΞΑΝΔΡΟΥΠΟΛΙΣ, 17. — Η διαμαρτυρία των εμπόρων και επαγγελματιών κατέληξεν εις συλλήψεις προέδρων συντεχνιών.

ΑΝΕΤΙΝΑΧΘΗ Η ΓΡΑΜΜΗ Η ΣΥΝΔΕΟΥΣΑ ΤΟ ΑΜΜΑΝ ΤΗΝ ΒΗΡΥΤΟΝ ΚΑΙ ΤΗΝ ΔΑΜΑΣΚΟΝ

ΒΗΡΥΤΟΣ, 17. (Ρώϋτερ). — Η σιδηροδρομική γραμμή η συνδέουσα το Αμμάν με την Βηρυτόν και την Δαμασκόν ανετινάχθη υπό αγνώστων.

Ο ΑΝΤΙΠΡΟΕΔΡΟΣ ΤΗΣ ΓΙΟΥΓΚΟΣΛΑΒΙΑΣ ΕΙΣ ΤΟ ΠΑΚΙΣΤΑΝ

ΚΑΡΑΤΣΙ, 17. (Ρώϋτερ). — Ο αντιπρόεδρος της Γιουγκοσλαβίας έφθασεν εις το Πακιστάν διά επίσημον επίσκεψιν.

ΑΛΛΑΙ ΔΥΟ ΕΚΤΕΛΕΣΕΙΣ ΕΙΣ ΤΗΝ ΟΥΓΓΑΡΙΑΝ

ΒΙΕΝΝΗ, 17. (Ασσ. Πρές). — Αι ουγγρικαί αρχαί ανεκοίνωσαν την εκτέλεσιν δύο ακόμη ατόμων καταδικασθέντων διά συμμετοχήν εις την επανάστασιν.

Η ΣΑΟΥΔΙΚΗ ΑΡΑΒΙΑ ΑΝΕΣΤΕΙΛΕΝ ΑΙΦΝΙΔΙΩΣ ΤΑΣ ΦΟΡΤΩΣΕΙΣ ΠΕΤΡΕΛΑΙΩΝ ΔΙ' ΑΙΓΥΠΤΟΝ

ΚΑΪΡΟΝ, 17. (Ασσ. Πρές). — Η Σαουδική Αραβία ανέστειλεν αιφνιδίως τας φορτώσεις πετρελαίων διά την Αίγυπτον. Η απόφασις αυτή προκαλεί εντύπωσιν εις τους πολιτικούς κύκλους.

ΚΑΪΡΟΝ, 17. (Ασσ. Πρές). — Η Σαουδική Αραβία ανέστειλεν αιφνιδίως τας φορτώσεις πετρελαίων διά την Αίγυπτον. Η απόφασις αυτή προκαλεί εντύπωσιν εις τους πολιτικούς κύκλους.

ΚΑΪΡΟΝ, 17. (Ασσ. Πρές). — Η Σαουδική Αραβία ανέστειλεν αιφνιδίως τας φορτώσεις πετρελαίων διά την Αίγυπτον. Η απόφασις αυτή προκαλεί εντύπωσιν εις τους πολιτικούς κύκλους.

ΚΑΪΡΟΝ, 17. (Ασσ. Πρές). — Η Σαουδική Αραβία ανέστειλεν αιφνιδίως τας φορτώσεις πετρελαίων διά την Αίγυπτον. Η απόφασις αυτή προκαλεί εντύπωσιν εις τους πολιτικούς κύκλους.

ΚΑΪΡΟΝ, 17. (Ασσ. Πρές). — Η Σαουδική Αραβία ανέστειλεν αιφνιδίως τας φορτώσεις πετρελαίων διά την Αίγυπτον. Η απόφασις αυτή προκαλεί εντύπωσιν εις τους πολιτικούς κύκλους.

ΚΑΪΡΟΝ, 17. (Ασσ. Πρές). — Η Σαουδική Αραβία ανέστειλεν αιφνιδίως τας φορτώσεις πετρελαίων διά την Αίγυπτον. Η απόφασις αυτή προκαλεί εντύπωσιν εις τους πολιτικούς κύκλους.

ΜΕΛΙΣΣΑΙ ΑΝΕΤΡΕΨΑΝ ΕΝΑ ΑΥΤΟΚΙΝΗΤΟΝ

ΚΛΟΒΕΡ, 17. — Σμήνος μελισσών εισήλθεν εις αυτοκίνητον και ο οδηγός έχασε τον έλεγχον, με αποτέλεσμα το όχημα να ανατραπή.

ΚΛΟΒΕΡ, 17. — Σμήνος μελισσών εισήλθεν εις αυτοκίνητον και ο οδηγός έχασε τον έλεγχον, με αποτέλεσμα το όχημα να ανατραπή.

Ο ΚΡΟΥΣΤΣΕΦ ΕΠΙΣΠΕΥΔΕΙ ΤΟ ΤΑΞΙΔΙΟΝ ΕΙΣ ΤΗΝ ΣΥΡΙΑΝ ΚΑΙ ΕΙΣ ΑΙΓΥΠΤΟΝ ΙΝΑ ΕΞΑΠΟΛΥΣΗ ΕΚΕΙΘΕΝ ΕΠΙΘΕΣΙΝ ΕΝΑΝΤΙΟΝ ΤΟΥ ΔΟΓΜΑΤΟΣ ΑΪΖΕΝΧΑΟΥΕΡ

ΛΟΝΔΙΝΟΝ, 17. (Ασσ. Πρές). — Ο κομμουνιστής ηγέτης Νικήτας Κρουστσέφ επισπεύδει το ταξίδιόν του εις την Συρίαν και την Αίγυπτον, όπου θα εξαπολύση επίθεσιν εναντίον του δόγματος Αϊζενχάουερ.

ΛΟΝΔΙΝΟΝ, 17. (Ασσ. Πρές). — Ο κομμουνιστής ηγέτης Νικήτας Κρουστσέφ επισπεύδει το ταξίδιόν του εις την Συρίαν και την Αίγυπτον, όπου θα εξαπολύση επίθεσιν εναντίον του δόγματος Αϊζενχάουερ.

ΛΟΝΔΙΝΟΝ, 17. (Ασσ. Πρές). — Ο κομμουνιστής ηγέτης Νικήτας Κρουστσέφ επισπεύδει το ταξίδιόν του εις την Συρίαν και την Αίγυπτον, όπου θα εξαπολύση επίθεσιν εναντίον του δόγματος Αϊζενχάουερ.

ΛΟΝΔΙΝΟΝ, 17. (Ασσ. Πρές). — Ο κομμουνιστής ηγέτης Νικήτας Κρουστσέφ επισπεύδει το ταξίδιόν του εις την Συρίαν και την Αίγυπτον, όπου θα εξαπολύση επίθεσιν εναντίον του δόγματος Αϊζενχάουερ.

ΣΥΝΕΧΙΖΟΝΤΑΙ ΑΙ ΑΙΜΑΤΗΡΑΙ ΕΠΙΘΕΣΕΙΣ ΑΝΤΑΡΤΩΝ ΕΙΣ ΟΛΟΚΛΗΡΟΝ ΤΟ ΑΛΓΕΡΙΟΝ ΚΑΙ ΜΙΑ ΜΕΓΑΛΗ ΣΥΜΠΛΟΚΗ ΕΙΣ ΜΑΡΟΚΟΝ

ΑΛΓΕΡΙΟΝ, 17. (Ασσ. Πρές). — Εσημειώθησαν νέαι αιματηραί επιθέσεις ανταρτών εις διάφορα σημεία του Αλγερίου. Εις το Μαρόκον εσημειώθη μεγάλη συμπλοκή.

ΑΛΓΕΡΙΟΝ, 17. (Ασσ. Πρές). — Εσημειώθησαν νέαι αιματηραί επιθέσεις ανταρτών εις διάφορα σημεία του Αλγερίου. Εις το Μαρόκον εσημειώθη μεγάλη συμπλοκή.

ΦΟΝΟΣ ΗΓΕΤΟΥ

ΑΛΓΕΡΙΟΝ, 17. (Ασσ. Πρές). — Εσημειώθησαν νέαι αιματηραί επιθέσεις ανταρτών εις διάφορα σημεία του Αλγερίου. Εις το Μαρόκον εσημειώθη μεγάλη συμπλοκή.

ΚΑΤΑΣΧΕΣΙΣ ΕΦΗΜΕΡΙΔΟΣ

ΑΛΓΕΡΙΟΝ, 17. (Ασσ. Πρές). — Εσημειώθησαν νέαι αιματηραί επιθέσεις ανταρτών εις διάφορα σημεία του Αλγερίου. Εις το Μαρόκον εσημειώθη μεγάλη συμπλοκή.

Η ΔΙΚΗ ΤΟΥ «ΑΘΩΣ»

ΑΛΓΕΡΙΟΝ, 17. (Ασσ. Πρές). — Εσημειώθησαν νέαι αιματηραί επιθέσεις ανταρτών εις διάφορα σημεία του Αλγερίου. Εις το Μαρόκον εσημειώθη μεγάλη συμπλοκή.

ΕΓΚΑΤΕΛΕΙΨΑΝ ΕΙΣ ΜΙΑΝ ΕΚΚΛΗΣΙΑΝ ΤΑ ΑΠΟ ΗΠΙΠΛ.ΤΗΝ ΜΕ ΕΝ ΣΗΜΕΙΩΣΙΝ ΟΤΙ ΔΕΝ ΕΧΟΥΝ ΤΑ ΜΕΣΑ ΝΑ ΤΑ ΘΡΕΨΟΥΝ

ΝΕΑ ΥΟΡΚΗ, 17. (Ασσ. Πρές). — Δύο νήπια εγκατελείφθησαν εις μίαν εκκλησίαν μετά σημειώσεως ότι οι γονείς των δεν έχουν τα μέσα να τα θρέψουν.

ΝΕΑ ΥΟΡΚΗ, 17. (Ασσ. Πρές). — Δύο νήπια εγκατελείφθησαν εις μίαν εκκλησίαν μετά σημειώσεως ότι οι γονείς των δεν έχουν τα μέσα να τα θρέψουν.

ΝΕΑ ΥΟΡΚΗ, 17. (Ασσ. Πρές). — Δύο νήπια εγκατελείφθησαν εις μίαν εκκλησίαν μετά σημειώσεως ότι οι γονείς των δεν έχουν τα μέσα να τα θρέψουν.

ΝΕΑ ΥΟΡΚΗ, 17. (Ασσ. Πρές). — Δύο νήπια εγκατελείφθησαν εις μίαν εκκλησίαν μετά σημειώσεως ότι οι γονείς των δεν έχουν τα μέσα να τα θρέψουν.

ΤΥΦΕΚΙΖΟΝΤΑΙ ΟΙ ΜΕΘΥΣΜΕΝΟΙ ΟΔΗΓΟΙ ΕΙΣ ΤΗΝ ΔΗΜΟΚΡΑΤΙΑΝ ΤΟΥ ΚΑΖΑΚΣΤΑΝ

ΜΟΣΧΑ, 17. (Ασσ. Πρές). — Αι αρχαί της Δημοκρατίας του Καζακστάν ανακοινούν ότι οι μεθυσμένοι οδηγοί οι οποίοι προκαλούν θανατηφόρα ατυχήματα θα τυφεκίζωνται.

ΜΟΣΧΑ, 17. (Ασσ. Πρές). — Αι αρχαί της Δημοκρατίας του Καζακστάν ανακοινούν ότι οι μεθυσμένοι οδηγοί οι οποίοι προκαλούν θανατηφόρα ατυχήματα θα τυφεκίζωνται.

ΜΟΣΧΑ, 17. (Ασσ. Πρές). — Αι αρχαί της Δημοκρατίας του Καζακστάν ανακοινούν ότι οι μεθυσμένοι οδηγοί οι οποίοι προκαλούν θανατηφόρα ατυχήματα θα τυφεκίζωνται.

ΜΟΣΧΑ, 17. (Ασσ. Πρές). — Αι αρχαί της Δημοκρατίας του Καζακστάν ανακοινούν ότι οι μεθυσμένοι οδηγοί οι οποίοι προκαλούν θανατηφόρα ατυχήματα θα τυφεκίζωνται.

ΜΟΣΧΑ, 17. (Ασσ. Πρές). — Αι αρχαί της Δημοκρατίας του Καζακστάν ανακοινούν ότι οι μεθυσμένοι οδηγοί οι οποίοι προκαλούν θανατηφόρα ατυχήματα θα τυφεκίζωνται.

ΜΟΣΧΑ, 17. (Ασσ. Πρές). — Αι αρχαί της Δημοκρατίας του Καζακστάν ανακοινούν ότι οι μεθυσμένοι οδηγοί οι οποίοι προκαλούν θανατηφόρα ατυχήματα θα τυφεκίζωνται.

ΟΙ ΕΝΔΕΚΑ ΠΕΡΣΑΙ ΑΦΟΥ ΠΡΟΣΕΚΥΝΗΣΑΝ ΕΙΣ ΜΕΚΚΑΝ ΗΛΘΟΝ ΕΙΣ ΑΘΗΝΑΣ ΚΑΙ ΔΙΕΠΡΑΞΑΝ ΣΩΡΕΙΑΝ ΚΛΟΠΩΝ

ΑΘΗΝΑΙ, 17. — Υπό της αστυνομίας συνελήφθησαν ένδεκα Πέρσαι, οι οποίοι αφού επεσκέφθησαν την Μέκκαν ήλθον εις Αθήνας και διέπραξαν σωρείαν κλοπών.

ΑΘΗΝΑΙ, 17. — Υπό της αστυνομίας συνελήφθησαν ένδεκα Πέρσαι, οι οποίοι αφού επεσκέφθησαν την Μέκκαν ήλθον εις Αθήνας και διέπραξαν σωρείαν κλοπών.

ΑΘΗΝΑΙ, 17. — Υπό της αστυνομίας συνελήφθησαν ένδεκα Πέρσαι, οι οποίοι αφού επεσκέφθησαν την Μέκκαν ήλθον εις Αθήνας και διέπραξαν σωρείαν κλοπών.

ΑΘΗΝΑΙ, 17. — Υπό της αστυνομίας συνελήφθησαν ένδεκα Πέρσαι, οι οποίοι αφού επεσκέφθησαν την Μέκκαν ήλθον εις Αθήνας και διέπραξαν σωρείαν κλοπών.

ΑΘΗΝΑΙ, 17. — Υπό της αστυνομίας συνελήφθησαν ένδεκα Πέρσαι, οι οποίοι αφού επεσκέφθησαν την Μέκκαν ήλθον εις Αθήνας και διέπραξαν σωρείαν κλοπών.

ΑΘΗΝΑΙ, 17. — Υπό της αστυνομίας συνελήφθησαν ένδεκα Πέρσαι, οι οποίοι αφού επεσκέφθησαν την Μέκκαν ήλθον εις Αθήνας και διέπραξαν σωρείαν κλοπών.

ΣΥΝΕΧΙΖΕΤΑΙ Ο ΘΟΡΥΒΟΣ ΤΗΣ ΕΠΙΚΡΙΣΕΙΣ ΤΟΥ ΛΟΡΔΟΥ ΑΛΤΡΙΓΚΑΜ ΚΑΤΑ ΤΗΣ ΑΥΛΗΣ ΚΑΙ ΑΥΤΗΣ ΤΑΥΤΗΣ ΤΗΣ ΒΑΣΙΛΙΣΣΗΣ ΕΛΙΣΑΒΕΤ
ΣΤΟΧΟΣ ΚΑΙ Η ΒΟΥΛΗ ΤΩΝ ΛΟΡΔΩΝ

ΛΟΝΔΙΝΟΝ, 17. (Ασσ. Πρές). — Η επίθεσις του λόρδου Άλτριγκαμ κατά της Αυλής συνεχίζει να προκαλή ζωηράς συζητήσεις εις όλην την Αγγλίαν.

ΛΟΝΔΙΝΟΝ, 17. (Ασσ. Πρές). — Η επίθεσις του λόρδου Άλτριγκαμ κατά της Αυλής συνεχίζει να προκαλή ζωηράς συζητήσεις εις όλην την Αγγλίαν.

ΛΟΝΔΙΝΟΝ, 17. (Ασσ. Πρές). — Η επίθεσις του λόρδου Άλτριγκαμ κατά της Αυλής συνεχίζει να προκαλή ζωηράς συζητήσεις εις όλην την Αγγλίαν.

ΛΟΝΔΙΝΟΝ, 17. (Ασσ. Πρές). — Η επίθεσις του λόρδου Άλτριγκαμ κατά της Αυλής συνεχίζει να προκαλή ζωηράς συζητήσεις εις όλην την Αγγλίαν.

ΕΠΙΚΡΙΣΕΙΣ ΥΠΗΡΕΣΙΩΝ

ΛΟΝΔΙΝΟΝ, 17. (Ασσ. Πρές). — Η επίθεσις του λόρδου Άλτριγκαμ κατά της Αυλής συνεχίζει να προκαλή ζωηράς συζητήσεις εις όλην την Αγγλίαν.

ΛΟΝΔΙΝΟΝ, 17. (Ασσ. Πρές). — Η επίθεσις του λόρδου Άλτριγκαμ κατά της Αυλής συνεχίζει να προκαλή ζωηράς συζητήσεις εις όλην την Αγγλίαν.

Ο ΜΟΛΟΤΩΦ ΚΑΤΗΓΟΡΕΙΤΑΙ ΟΤΙ ΑΝΤΕΤΑΧΘΗ ΕΙΣ ΤΗΝ ΣΥΝΑΨΙΝ ΤΗΣ ΑΥΣΤΡΙΑΚΗΣ ΣΥΝΘΗΚΗΣ ΚΑΙ ΕΙΣ ΤΗΝ ΕΞΟΜΑΛΥΝΣΙΝ ΤΩΝ ΣΧΕΣΕΩΝ ΜΕ ΤΗΝ ΓΙΟΥΓΚΟΣΛΑΒΙΑΝ ΚΑΙ ΤΗΝ ΙΑΠΩΝΙΑΝ

ΜΟΣΧΑ, 17. (Ασσ. Πρές). — Το σοβιετικόν περιοδικόν «Κομμουνίστ» κατηγορεί τον Μολότωφ ότι αντετάχθη εις την σύναψιν της αυστριακής συνθήκης ειρήνης και εις την εξομάλυνσιν των σχέσεων με την Γιουγκοσλαβίαν και την Ιαπωνίαν.

ΜΟΣΧΑ, 17. (Ασσ. Πρές). — Το σοβιετικόν περιοδικόν «Κομμουνίστ» κατηγορεί τον Μολότωφ ότι αντετάχθη εις την σύναψιν της αυστριακής συνθήκης ειρήνης και εις την εξομάλυνσιν των σχέσεων με την Γιουγκοσλαβίαν και την Ιαπωνίαν.

ΜΟΣΧΑ, 17. (Ασσ. Πρές). — Το σοβιετικόν περιοδικόν «Κομμουνίστ» κατηγορεί τον Μολότωφ ότι αντετάχθη εις την σύναψιν της αυστριακής συνθήκης ειρήνης και εις την εξομάλυνσιν των σχέσεων με την Γιουγκοσλαβίαν και την Ιαπωνίαν.

ΑΡΧΙΖΟΥΝ ΔΙΑΚΟΠΑΣ

ΜΟΣΧΑ, 17. — Τα ανώτατα στελέχη του κόμματος αρχίζουν τας θερινάς διακοπάς των.

ΩΡΑ 5.30' ΠΡΩΪΝΗ ΤΗΣ ΚΥΡΙΑΚΗΣ
